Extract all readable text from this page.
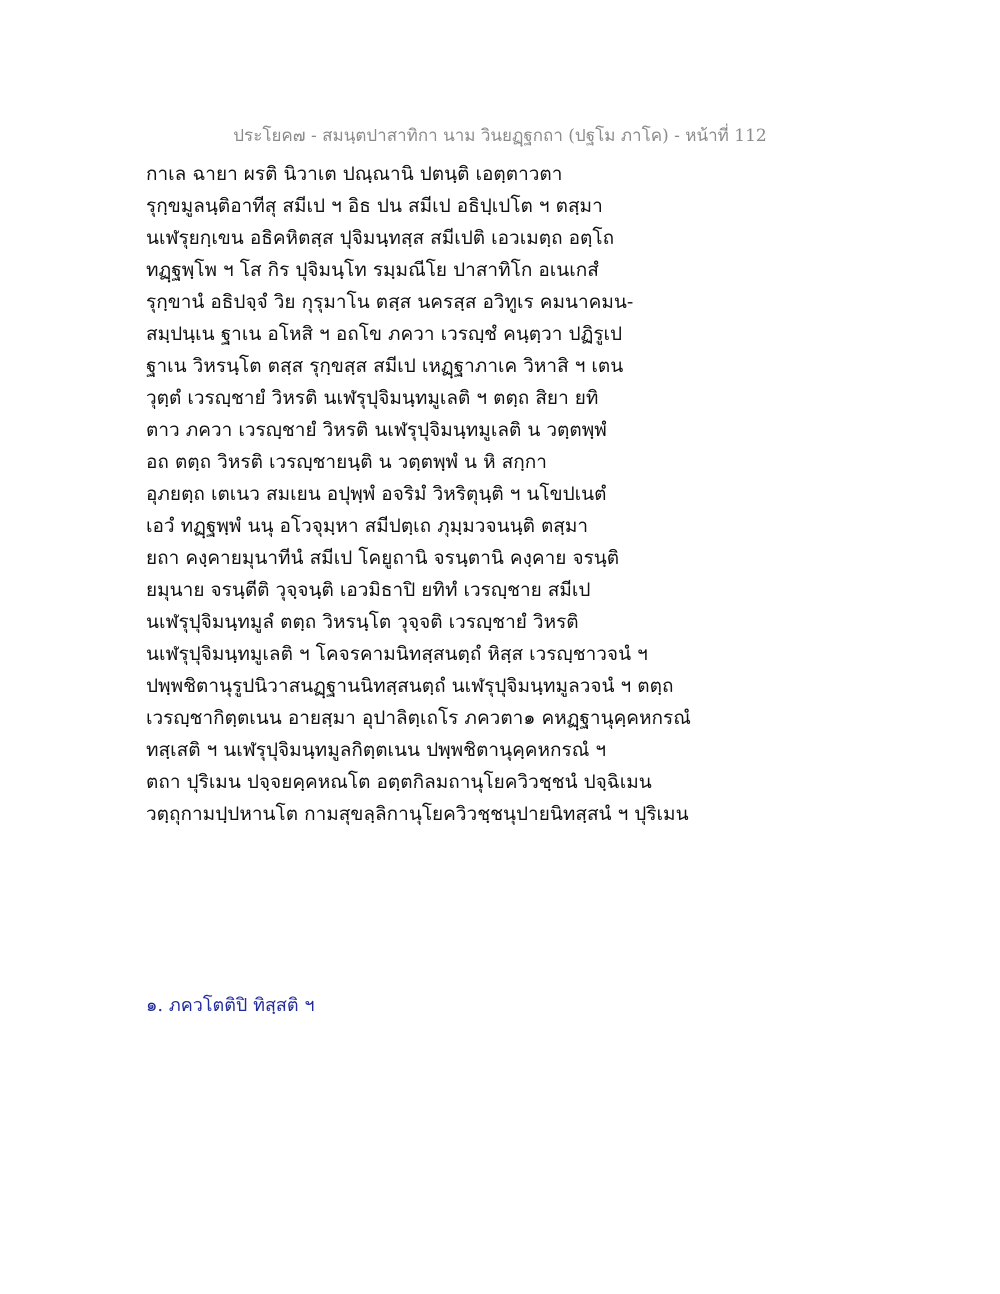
ประโยค๗ - สมนฺตปาสาทิกา นาม วินยฏฺฐกถา (ปฐโม ภาโค) - หน้าที่ 112
กาเล ฉายา ผรติ นิวาเต ปณฺณานิ ปตนฺติ เอตฺตาวตา
รุกฺขมูลนฺติอาทีสุ สมีเป ฯ อิธ ปน สมีเป อธิปฺเปโต ฯ ตสฺมา
นเฬรุยกฺเขน อธิคหิตสฺส ปุจิมนฺทสฺส สมีเปติ เอวเมตฺถ อตฺโถ
ทฏฺฐพฺโพ ฯ โส กิร ปุจิมนฺโท รมฺมณีโย ปาสาทิโก อเนเกสํ
รุกฺขานํ อธิปจฺจํ วิย กุรุมาโน ตสฺส นครสฺส อวิทูเร คมนาคมน-
สมฺปนฺเน ฐาเน อโหสิ ฯ อถโข ภควา เวรญฺชํ คนฺตฺวา ปฏิรูเป
ฐาเน วิหรนฺโต ตสฺส รุกฺขสฺส สมีเป เหฏฺฐาภาเค วิหาสิ ฯ เตน
วุตฺตํ เวรญฺชายํ วิหรติ นเฬรุปุจิมนฺทมูเลติ ฯ ตตฺถ สิยา ยทิ
ตาว ภควา เวรญฺชายํ วิหรติ นเฬรุปุจิมนฺทมูเลติ น วตฺตพฺพํ
อถ ตตฺถ วิหรติ เวรญฺชายนฺติ น วตฺตพฺพํ น หิ สกฺกา
อุภยตฺถ เตเนว สมเยน อปุพฺพํ อจริมํ วิหริตุนฺติ ฯ นโขปเนตํ
เอวํ ทฏฺฐพฺพํ นนุ อโวจุมฺหา สมีปตฺเถ ภุมฺมวจนนฺติ ตสฺมา
ยถา คงฺคายมุนาทีนํ สมีเป โคยูถานิ จรนฺตานิ คงฺคาย จรนฺติ
ยมุนาย จรนฺตีติ วุจฺจนฺติ เอวมิธาปิ ยทิทํ เวรญฺชาย สมีเป
นเฬรุปุจิมนฺทมูลํ ตตฺถ วิหรนฺโต วุจฺจติ เวรญฺชายํ วิหรติ
นเฬรุปุจิมนฺทมูเลติ ฯ โคจรคามนิทสฺสนตฺถํ หิสฺส เวรญฺชาวจนํ ฯ
ปพฺพชิตานุรูปนิวาสนฏฺฐานนิทสฺสนตฺถํ นเฬรุปุจิมนฺทมูลวจนํ ฯ ตตฺถ
เวรญฺชากิตฺตเนน อายสฺมา อุปาลิตฺเถโร ภควตา๑ คหฏฺฐานุคฺคหกรณํ
ทสฺเสติ ฯ นเฬรุปุจิมนฺทมูลกิตฺตเนน ปพฺพชิตานุคฺคหกรณํ ฯ
ตถา ปุริเมน ปจฺจยคฺคหณโต อตฺตกิลมถานุโยควิวชฺชนํ ปจฺฉิเมน
วตฺถุกามปฺปหานโต กามสุขลฺลิกานุโยควิวชฺชนุปายนิทสฺสนํ ฯ ปุริเมน
๑. ภควโตติปิ ทิสฺสติ ฯ
